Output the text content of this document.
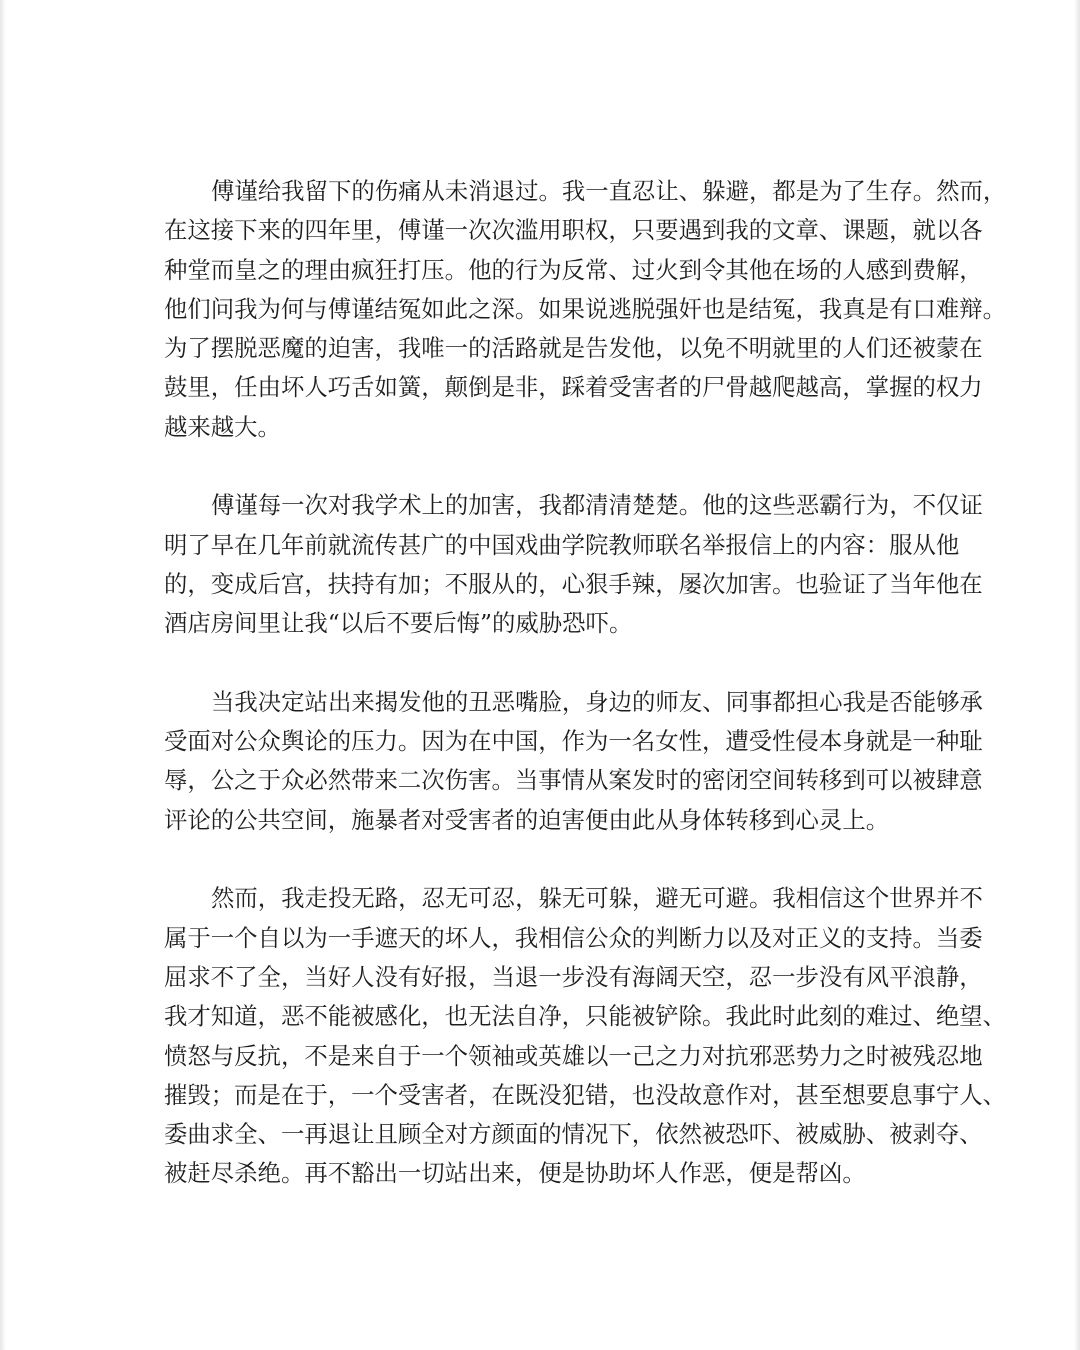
傅谨给我留下的伤痛从未消退过。我一直忍让、躲避，都是为了生存。然而，
在这接下来的四年里，傅谨一次次滥用职权，只要遇到我的文章、课题，就以各
种堂而皇之的理由疯狂打压。他的行为反常、过火到令其他在场的人感到费解，
他们问我为何与傅谨结冤如此之深。如果说逃脱强奸也是结冤，我真是有口难辩。
为了摆脱恶魔的迫害，我唯一的活路就是告发他，以免不明就里的人们还被蒙在
鼓里，任由坏人巧舌如簧，颠倒是非，踩着受害者的尸骨越爬越高，掌握的权力
越来越大。
傅谨每一次对我学术上的加害，我都清清楚楚。他的这些恶霸行为，不仅证
明了早在几年前就流传甚广的中国戏曲学院教师联名举报信上的内容：服从他
的，变成后宫，扶持有加；不服从的，心狠手辣，屡次加害。也验证了当年他在
酒店房间里让我“以后不要后悔”的威胁恐吓。
当我决定站出来揭发他的丑恶嘴脸，身边的师友、同事都担心我是否能够承
受面对公众舆论的压力。因为在中国，作为一名女性，遭受性侵本身就是一种耻
辱，公之于众必然带来二次伤害。当事情从案发时的密闭空间转移到可以被肆意
评论的公共空间，施暴者对受害者的迫害便由此从身体转移到心灵上。
然而，我走投无路，忍无可忍，躲无可躲，避无可避。我相信这个世界并不
属于一个自以为一手遮天的坏人，我相信公众的判断力以及对正义的支持。当委
屈求不了全，当好人没有好报，当退一步没有海阔天空，忍一步没有风平浪静，
我才知道，恶不能被感化，也无法自净，只能被铲除。我此时此刻的难过、绝望、
愤怒与反抗，不是来自于一个领袖或英雄以一己之力对抗邪恶势力之时被残忍地
摧毁；而是在于，一个受害者，在既没犯错，也没故意作对，甚至想要息事宁人、
委曲求全、一再退让且顾全对方颜面的情况下，依然被恐吓、被威胁、被剥夺、
被赶尽杀绝。再不豁出一切站出来，便是协助坏人作恶，便是帮凶。
